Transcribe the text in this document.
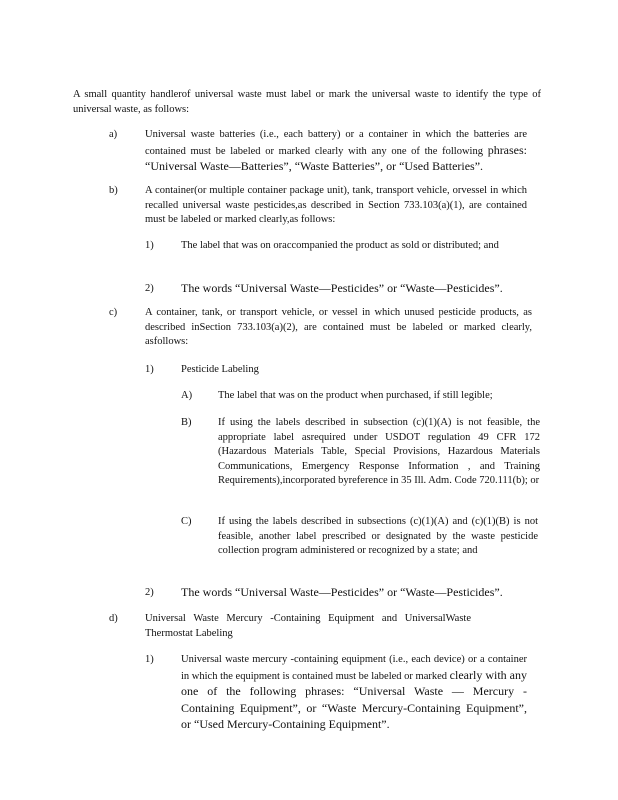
A small quantity handlerof universal waste must label or mark the universal waste to identify the type of universal waste, as follows:
a)	Universal waste batteries (i.e., each battery) or a container in which the batteries are contained must be labeled or marked clearly with any one of the following phrases: “Universal Waste—Batteries”, “Waste Batteries”, or “Used Batteries”.
b)	A container(or multiple container package unit), tank, transport vehicle, orvessel in which recalled universal waste pesticides,as described in Section 733.103(a)(1), are contained must be labeled or marked clearly,as follows:
1)	The label that was on oraccompanied the product as sold or distributed; and
2) The words “Universal Waste—Pesticides” or “Waste—Pesticides”.
c)	A container, tank, or transport vehicle, or vessel in which unused pesticide products, as described inSection 733.103(a)(2), are contained must be labeled or marked clearly, asfollows:
1)	Pesticide Labeling
A) The label that was on the product when purchased, if still legible;
B)	If using the labels described in subsection (c)(1)(A) is not feasible, the appropriate label asrequired under USDOT regulation 49 CFR 172 (Hazardous Materials Table, Special Provisions, Hazardous Materials Communications, Emergency Response Information , and Training Requirements),incorporated byreference in 35 Ill. Adm. Code 720.111(b); or
C)	If using the labels described in subsections (c)(1)(A) and (c)(1)(B) is not feasible, another label prescribed or designated by the waste pesticide collection program administered or recognized by a state; and
2) The words “Universal Waste—Pesticides” or “Waste—Pesticides”.
d)	Universal Waste Mercury -Containing Equipment and UniversalWaste Thermostat Labeling
1)	Universal waste mercury -containing equipment (i.e., each device) or a container in which the equipment is contained must be labeled or marked clearly with any one of the following phrases: “Universal Waste — Mercury -Containing Equipment”, or “Waste Mercury-Containing Equipment”, or “Used Mercury-Containing Equipment”.
